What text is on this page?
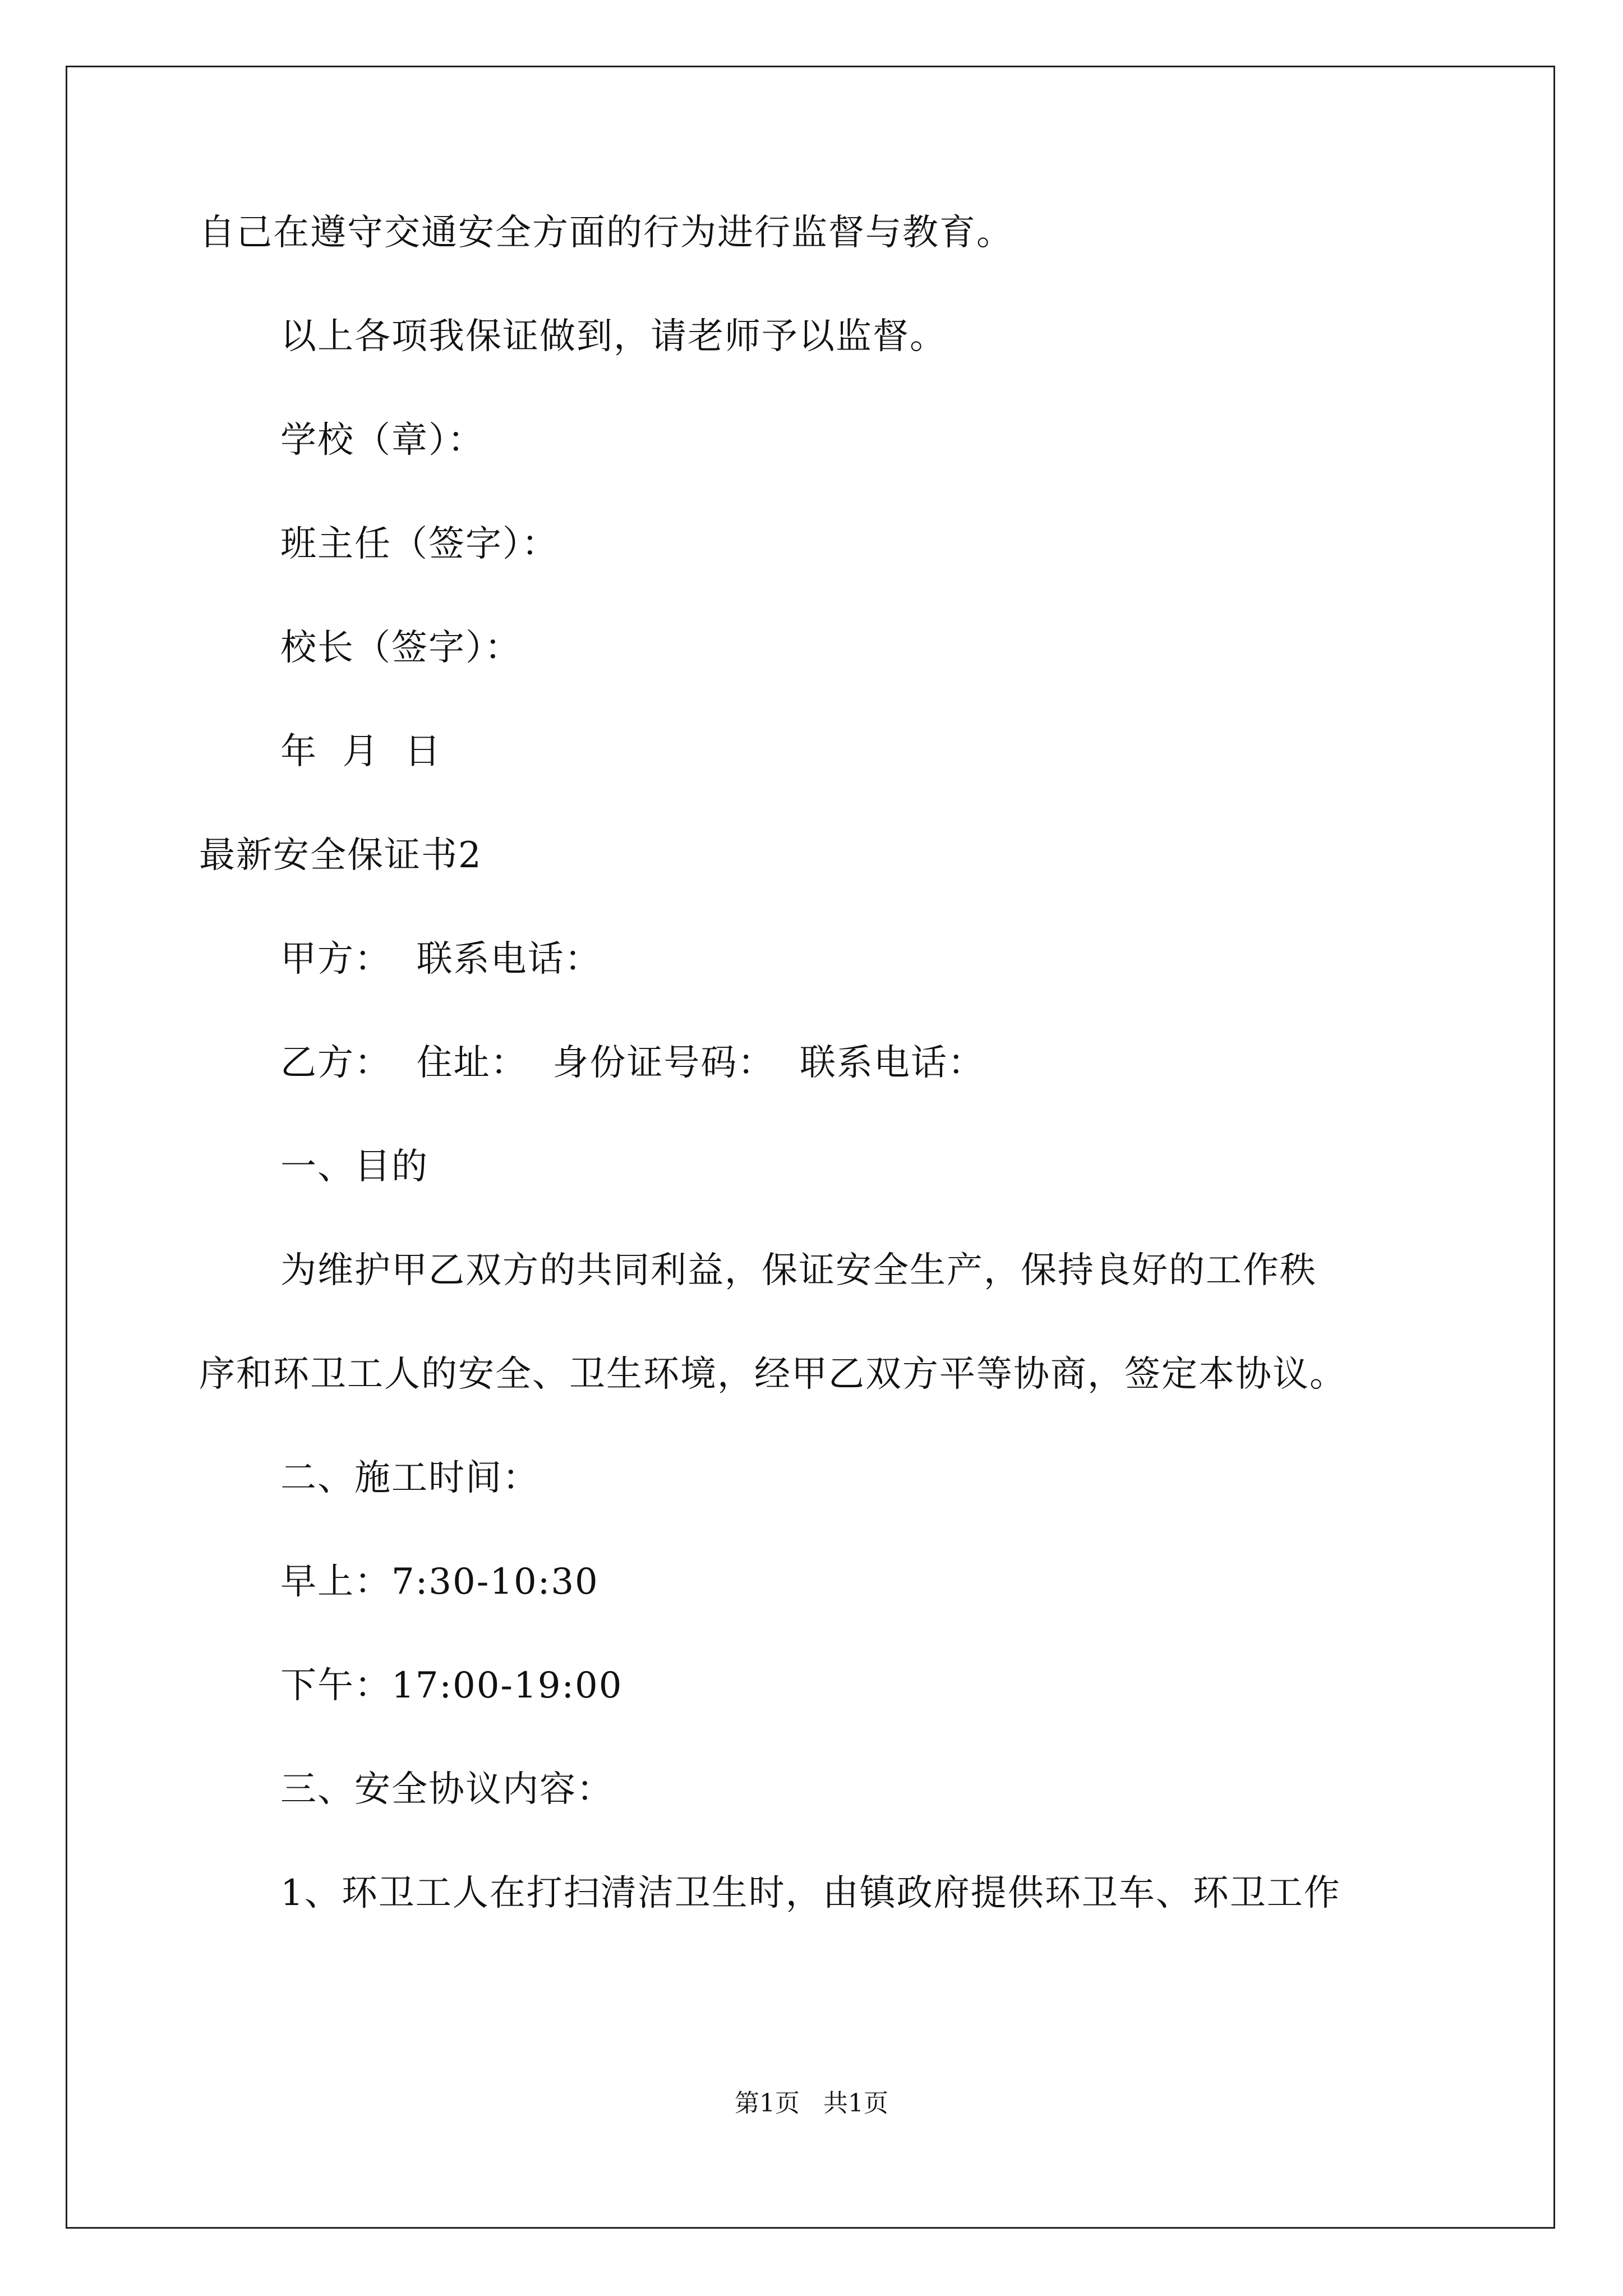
自己在遵守交通安全方面的行为进行监督与教育。
以上各项我保证做到，请老师予以监督。
学校（章）：
班主任（签字）：
校长（签字）：
年  月  日
最新安全保证书2
甲方：  联系电话：
乙方：  住址：  身份证号码：  联系电话：
一、目的
为维护甲乙双方的共同利益，保证安全生产，保持良好的工作秩
序和环卫工人的安全、卫生环境，经甲乙双方平等协商，签定本协议。
二、施工时间：
早上：7:30-10:30
下午：17:00-19:00
三、安全协议内容：
1、环卫工人在打扫清洁卫生时，由镇政府提供环卫车、环卫工作
第1页   共1页
